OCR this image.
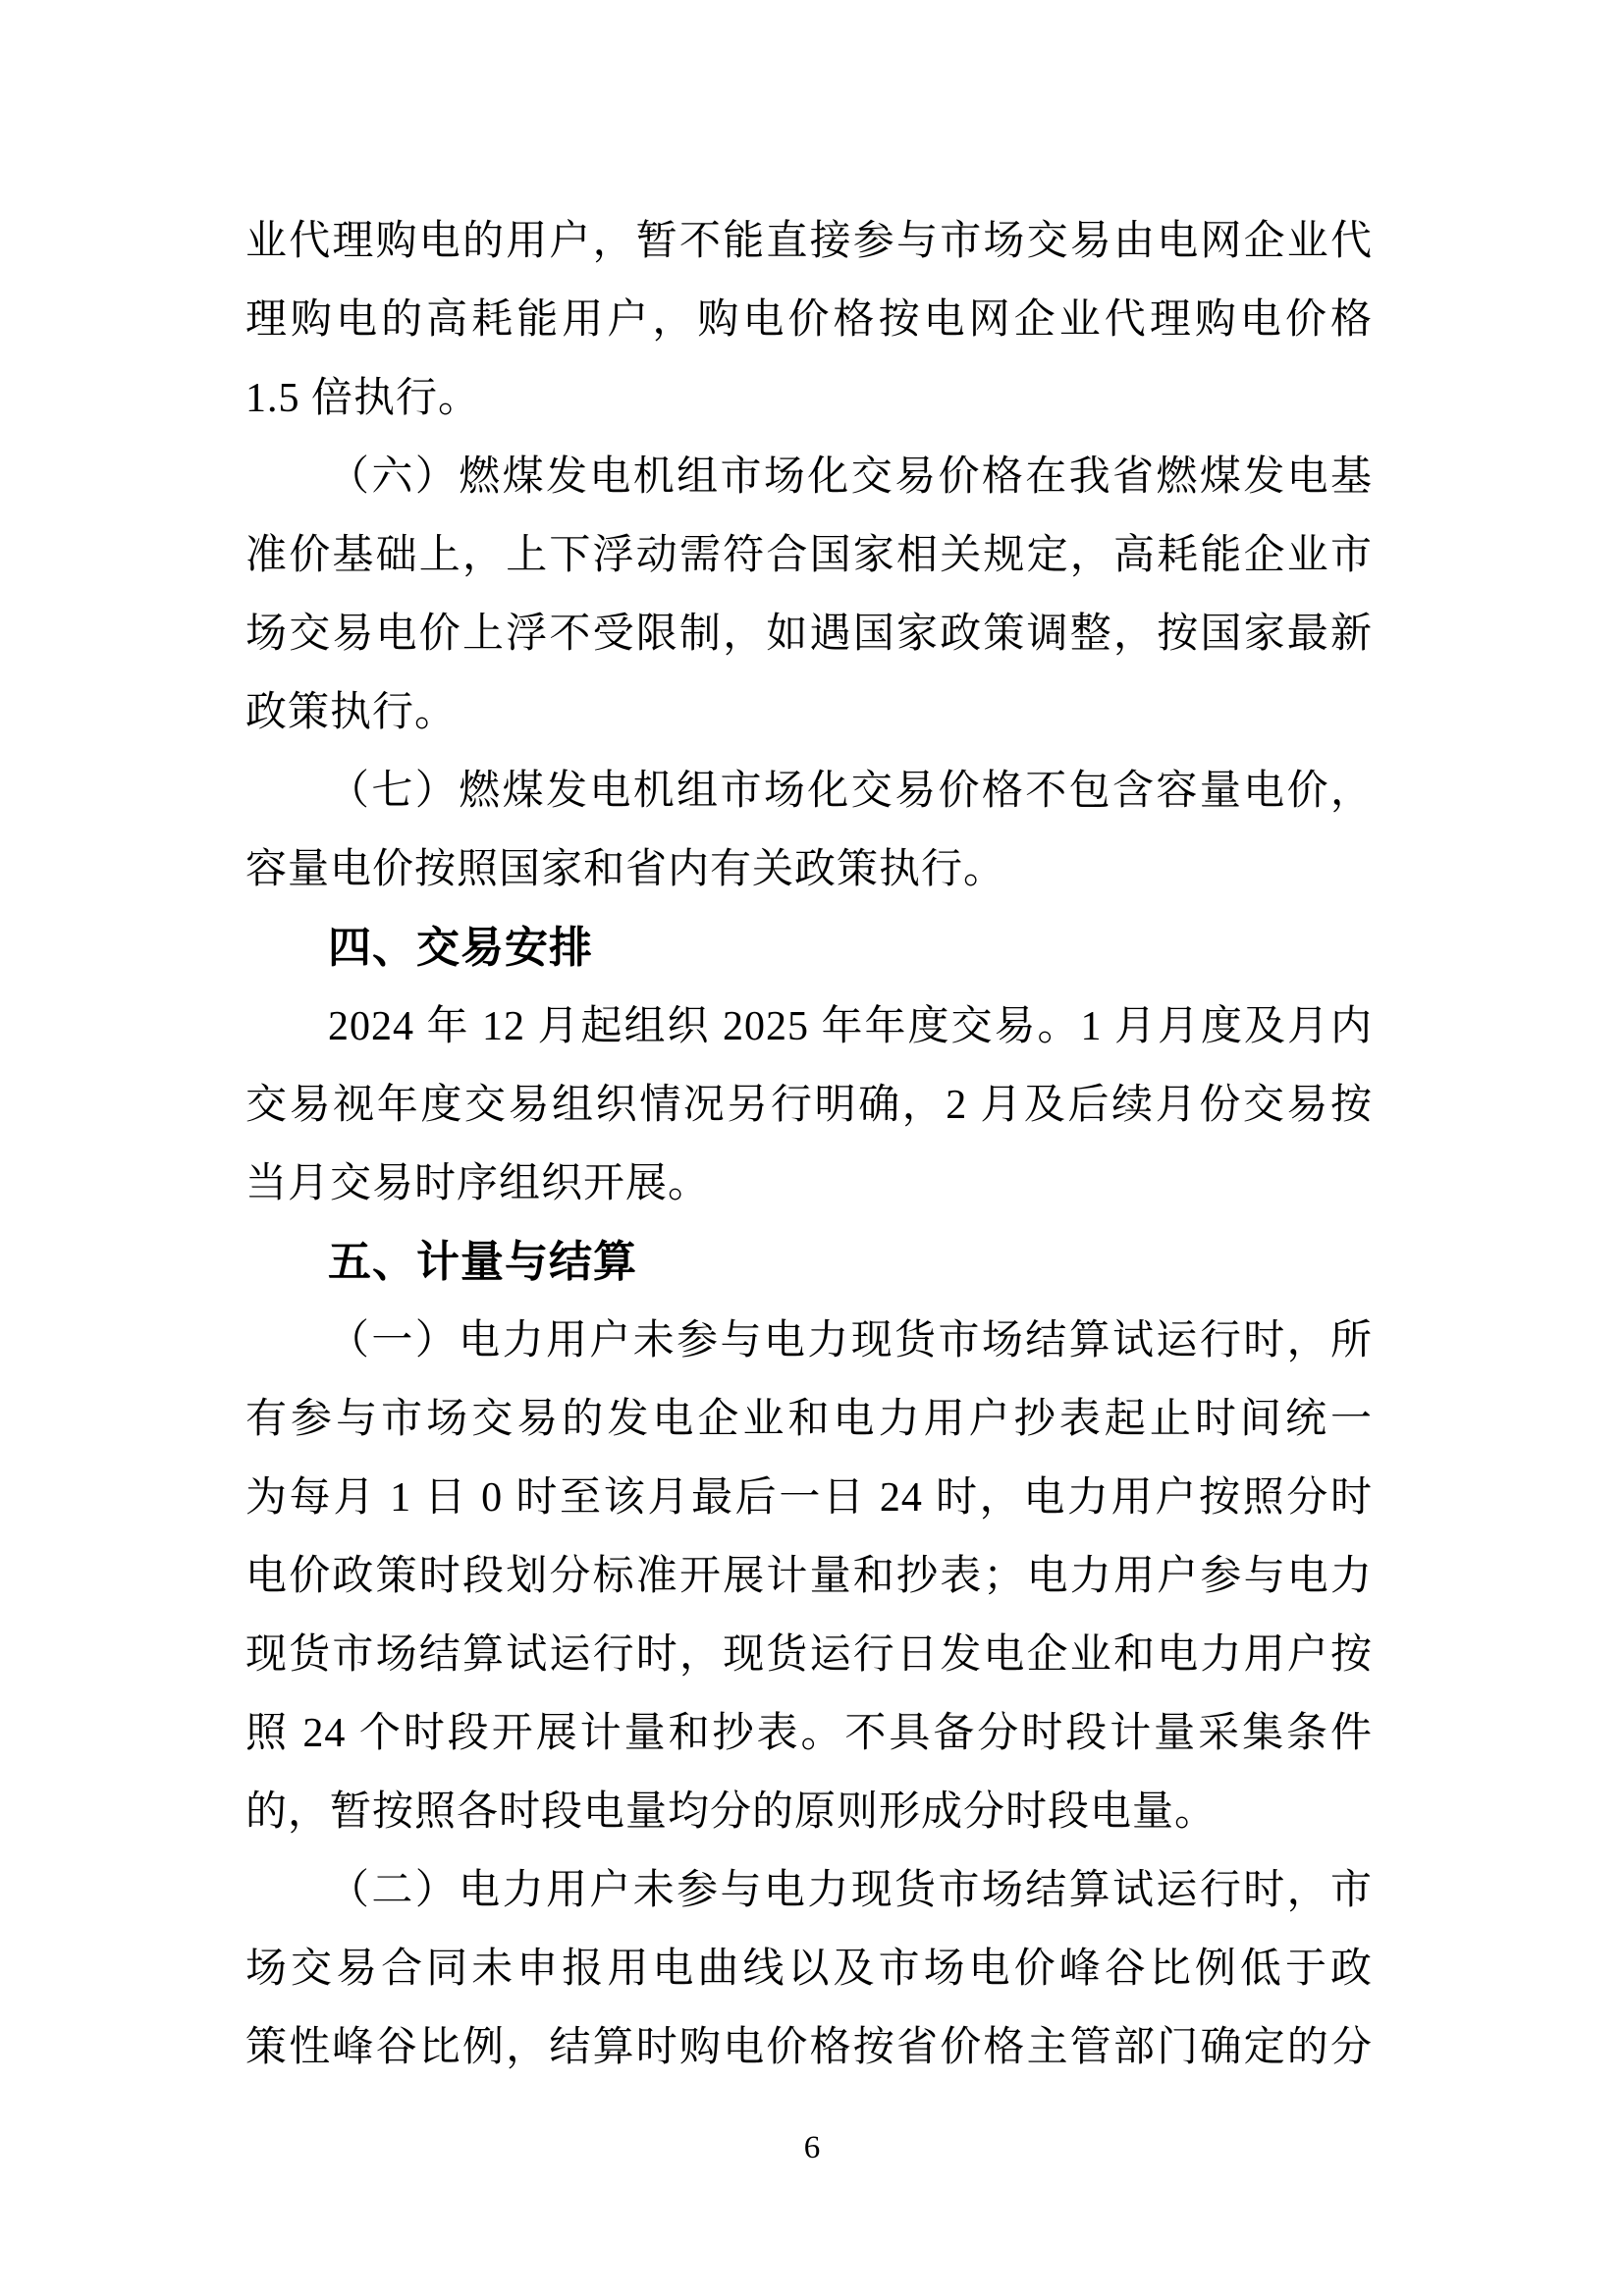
业代理购电的用户，暂不能直接参与市场交易由电网企业代
理购电的高耗能用户，购电价格按电网企业代理购电价格
1.5 倍执行。
（六）燃煤发电机组市场化交易价格在我省燃煤发电基
准价基础上，上下浮动需符合国家相关规定，高耗能企业市
场交易电价上浮不受限制，如遇国家政策调整，按国家最新
政策执行。
（七）燃煤发电机组市场化交易价格不包含容量电价，
容量电价按照国家和省内有关政策执行。
四、交易安排
2024 年 12 月起组织 2025 年年度交易。1 月月度及月内
交易视年度交易组织情况另行明确，2 月及后续月份交易按
当月交易时序组织开展。
五、计量与结算
（一）电力用户未参与电力现货市场结算试运行时，所
有参与市场交易的发电企业和电力用户抄表起止时间统一
为每月 1 日 0 时至该月最后一日 24 时，电力用户按照分时
电价政策时段划分标准开展计量和抄表；电力用户参与电力
现货市场结算试运行时，现货运行日发电企业和电力用户按
照 24 个时段开展计量和抄表。不具备分时段计量采集条件
的，暂按照各时段电量均分的原则形成分时段电量。
（二）电力用户未参与电力现货市场结算试运行时，市
场交易合同未申报用电曲线以及市场电价峰谷比例低于政
策性峰谷比例，结算时购电价格按省价格主管部门确定的分
6
